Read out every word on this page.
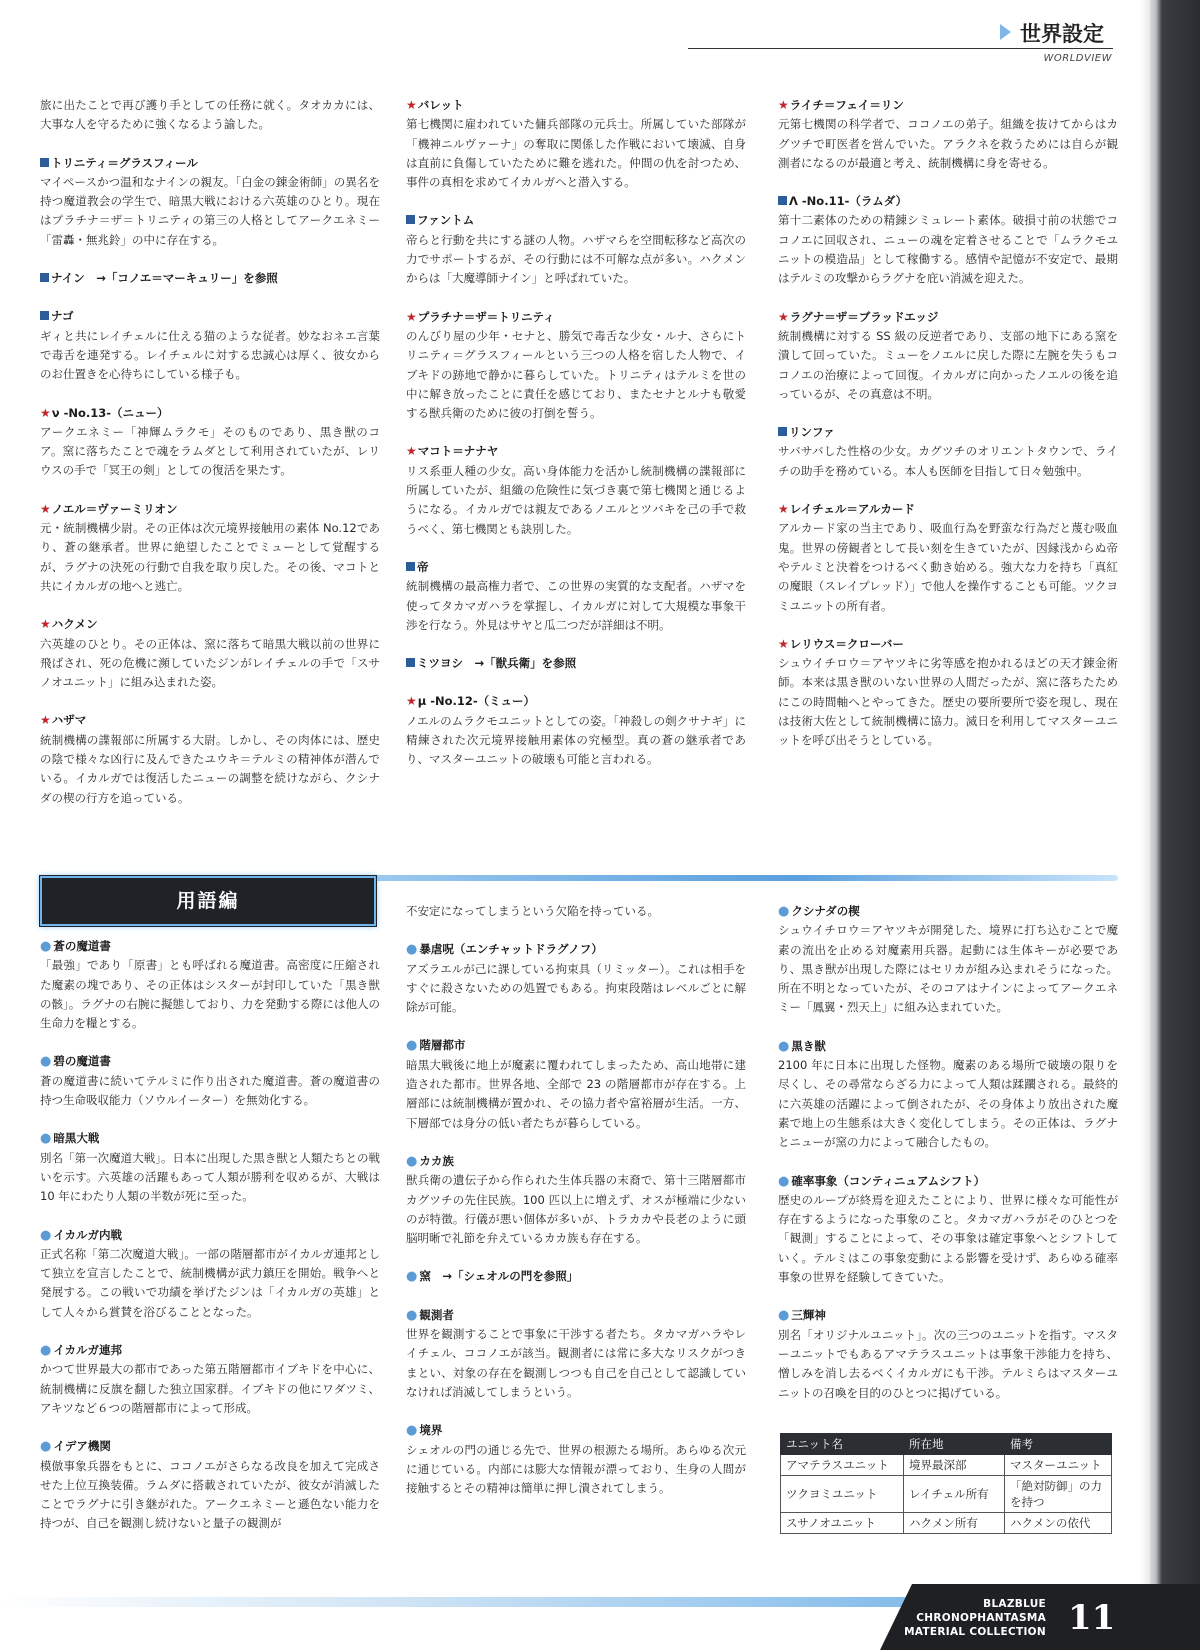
世界設定
WORLDVIEW
旅に出たことで再び護り手としての任務に就く。タオカカには、大事な人を守るために強くなるよう諭した。
トリニティ＝グラスフィール
マイペースかつ温和なナインの親友。「白金の錬金術師」の異名を持つ魔道教会の学生で、暗黒大戦における六英雄のひとり。現在はプラチナ＝ザ＝トリニティの第三の人格としてアークエネミー「雷轟・無兆鈴」の中に存在する。
ナイン　→「コノエ＝マーキュリー」を参照
ナゴ
ギィと共にレイチェルに仕える猫のような従者。妙なおネエ言葉で毒舌を連発する。レイチェルに対する忠誠心は厚く、彼女からのお仕置きを心待ちにしている様子も。
★ν -No.13-（ニュー）
アークエネミー「神輝ムラクモ」そのものであり、黒き獣のコア。窯に落ちたことで魂をラムダとして利用されていたが、レリウスの手で「冥王の剣」としての復活を果たす。
★ノエル＝ヴァーミリオン
元・統制機構少尉。その正体は次元境界接触用の素体 No.12であり、蒼の継承者。世界に絶望したことでミューとして覚醒するが、ラグナの決死の行動で自我を取り戻した。その後、マコトと共にイカルガの地へと逃亡。
★ハクメン
六英雄のひとり。その正体は、窯に落ちて暗黒大戦以前の世界に飛ばされ、死の危機に瀕していたジンがレイチェルの手で「スサノオユニット」に組み込まれた姿。
★ハザマ
統制機構の諜報部に所属する大尉。しかし、その肉体には、歴史の陰で様々な凶行に及んできたユウキ＝テルミの精神体が潜んでいる。イカルガでは復活したニューの調整を続けながら、クシナダの楔の行方を追っている。
★バレット
第七機関に雇われていた傭兵部隊の元兵士。所属していた部隊が「機神ニルヴァーナ」の奪取に関係した作戦において壊滅、自身は直前に負傷していたために難を逃れた。仲間の仇を討つため、事件の真相を求めてイカルガへと潜入する。
ファントム
帝らと行動を共にする謎の人物。ハザマらを空間転移など高次の力でサポートするが、その行動には不可解な点が多い。ハクメンからは「大魔導師ナイン」と呼ばれていた。
★プラチナ＝ザ＝トリニティ
のんびり屋の少年・セナと、勝気で毒舌な少女・ルナ、さらにトリニティ＝グラスフィールという三つの人格を宿した人物で、イブキドの跡地で静かに暮らしていた。トリニティはテルミを世の中に解き放ったことに責任を感じており、またセナとルナも敬愛する獣兵衛のために彼の打倒を誓う。
★マコト＝ナナヤ
リス系亜人種の少女。高い身体能力を活かし統制機構の諜報部に所属していたが、組織の危険性に気づき裏で第七機関と通じるようになる。イカルガでは親友であるノエルとツバキを己の手で救うべく、第七機関とも訣別した。
帝
統制機構の最高権力者で、この世界の実質的な支配者。ハザマを使ってタカマガハラを掌握し、イカルガに対して大規模な事象干渉を行なう。外見はサヤと瓜二つだが詳細は不明。
ミツヨシ　→「獣兵衛」を参照
★μ -No.12-（ミュー）
ノエルのムラクモユニットとしての姿。「神殺しの剣クサナギ」に精練された次元境界接触用素体の究極型。真の蒼の継承者であり、マスターユニットの破壊も可能と言われる。
★ライチ＝フェイ＝リン
元第七機関の科学者で、ココノエの弟子。組織を抜けてからはカグツチで町医者を営んでいた。アラクネを救うためには自らが観測者になるのが最適と考え、統制機構に身を寄せる。
Λ -No.11-（ラムダ）
第十二素体のための精錬シミュレート素体。破損寸前の状態でココノエに回収され、ニューの魂を定着させることで「ムラクモユニットの模造品」として稼働する。感情や記憶が不安定で、最期はテルミの攻撃からラグナを庇い消滅を迎えた。
★ラグナ＝ザ＝ブラッドエッジ
統制機構に対する SS 級の反逆者であり、支部の地下にある窯を潰して回っていた。ミューをノエルに戻した際に左腕を失うもココノエの治療によって回復。イカルガに向かったノエルの後を追っているが、その真意は不明。
リンファ
サバサバした性格の少女。カグツチのオリエントタウンで、ライチの助手を務めている。本人も医師を目指して日々勉強中。
★レイチェル＝アルカード
アルカード家の当主であり、吸血行為を野蛮な行為だと蔑む吸血鬼。世界の傍観者として長い刻を生きていたが、因縁浅からぬ帝やテルミと決着をつけるべく動き始める。強大な力を持ち「真紅の魔眼（スレイプレッド）」で他人を操作することも可能。ツクヨミユニットの所有者。
★レリウス＝クローバー
シュウイチロウ＝アヤツキに劣等感を抱かれるほどの天才錬金術師。本来は黒き獣のいない世界の人間だったが、窯に落ちたためにこの時間軸へとやってきた。歴史の要所要所で姿を現し、現在は技術大佐として統制機構に協力。滅日を利用してマスターユニットを呼び出そうとしている。
用語編
● 蒼の魔道書
「最強」であり「原書」とも呼ばれる魔道書。高密度に圧縮された魔素の塊であり、その正体はシスターが封印していた「黒き獣の骸」。ラグナの右腕に擬態しており、力を発動する際には他人の生命力を糧とする。
● 碧の魔道書
蒼の魔道書に続いてテルミに作り出された魔道書。蒼の魔道書の持つ生命吸収能力（ソウルイーター）を無効化する。
● 暗黒大戦
別名「第一次魔道大戦」。日本に出現した黒き獣と人類たちとの戦いを示す。六英雄の活躍もあって人類が勝利を収めるが、大戦は 10 年にわたり人類の半数が死に至った。
● イカルガ内戦
正式名称「第二次魔道大戦」。一部の階層都市がイカルガ連邦として独立を宣言したことで、統制機構が武力鎮圧を開始。戦争へと発展する。この戦いで功績を挙げたジンは「イカルガの英雄」として人々から賞賛を浴びることとなった。
● イカルガ連邦
かつて世界最大の都市であった第五階層都市イブキドを中心に、統制機構に反旗を翻した独立国家群。イブキドの他にワダツミ、アキツなど６つの階層都市によって形成。
● イデア機関
模倣事象兵器をもとに、ココノエがさらなる改良を加えて完成させた上位互換装備。ラムダに搭載されていたが、彼女が消滅したことでラグナに引き継がれた。アークエネミーと遜色ない能力を持つが、自己を観測し続けないと量子の観測が
不安定になってしまうという欠陥を持っている。
● 暴虐呪（エンチャットドラグノフ）
アズラエルが己に課している拘束具（リミッター）。これは相手をすぐに殺さないための処置でもある。拘束段階はレベルごとに解除が可能。
● 階層都市
暗黒大戦後に地上が魔素に覆われてしまったため、高山地帯に建造された都市。世界各地、全部で 23 の階層都市が存在する。上層部には統制機構が置かれ、その協力者や富裕層が生活。一方、下層部では身分の低い者たちが暮らしている。
● カカ族
獣兵衛の遺伝子から作られた生体兵器の末裔で、第十三階層都市カグツチの先住民族。100 匹以上に増えず、オスが極端に少ないのが特徴。行儀が悪い個体が多いが、トラカカや長老のように頭脳明晰で礼節を弁えているカカ族も存在する。
● 窯　→「シェオルの門を参照」
● 観測者
世界を観測することで事象に干渉する者たち。タカマガハラやレイチェル、ココノエが該当。観測者には常に多大なリスクがつきまとい、対象の存在を観測しつつも自己を自己として認識していなければ消滅してしまうという。
● 境界
シェオルの門の通じる先で、世界の根源たる場所。あらゆる次元に通じている。内部には膨大な情報が漂っており、生身の人間が接触するとその精神は簡単に押し潰されてしまう。
● クシナダの楔
シュウイチロウ＝アヤツキが開発した、境界に打ち込むことで魔素の流出を止める対魔素用兵器。起動には生体キーが必要であり、黒き獣が出現した際にはセリカが組み込まれそうになった。所在不明となっていたが、そのコアはナインによってアークエネミー「鳳翼・烈天上」に組み込まれていた。
● 黒き獣
2100 年に日本に出現した怪物。魔素のある場所で破壊の限りを尽くし、その尋常ならざる力によって人類は蹂躙される。最終的に六英雄の活躍によって倒されたが、その身体より放出された魔素で地上の生態系は大きく変化してしまう。その正体は、ラグナとニューが窯の力によって融合したもの。
● 確率事象（コンティニュアムシフト）
歴史のループが終焉を迎えたことにより、世界に様々な可能性が存在するようになった事象のこと。タカマガハラがそのひとつを「観測」することによって、その事象は確定事象へとシフトしていく。テルミはこの事象変動による影響を受けず、あらゆる確率事象の世界を経験してきていた。
● 三輝神
別名「オリジナルユニット」。次の三つのユニットを指す。マスターユニットでもあるアマテラスユニットは事象干渉能力を持ち、憎しみを消し去るべくイカルガにも干渉。テルミらはマスターユニットの召喚を目的のひとつに掲げている。
ユニット名	所在地	備考
アマテラスユニット	境界最深部	マスターユニット
ツクヨミユニット	レイチェル所有	「絶対防御」の力を持つ
スサノオユニット	ハクメン所有	ハクメンの依代
BLAZBLUE
CHRONOPHANTASMA
MATERIAL COLLECTION 11
